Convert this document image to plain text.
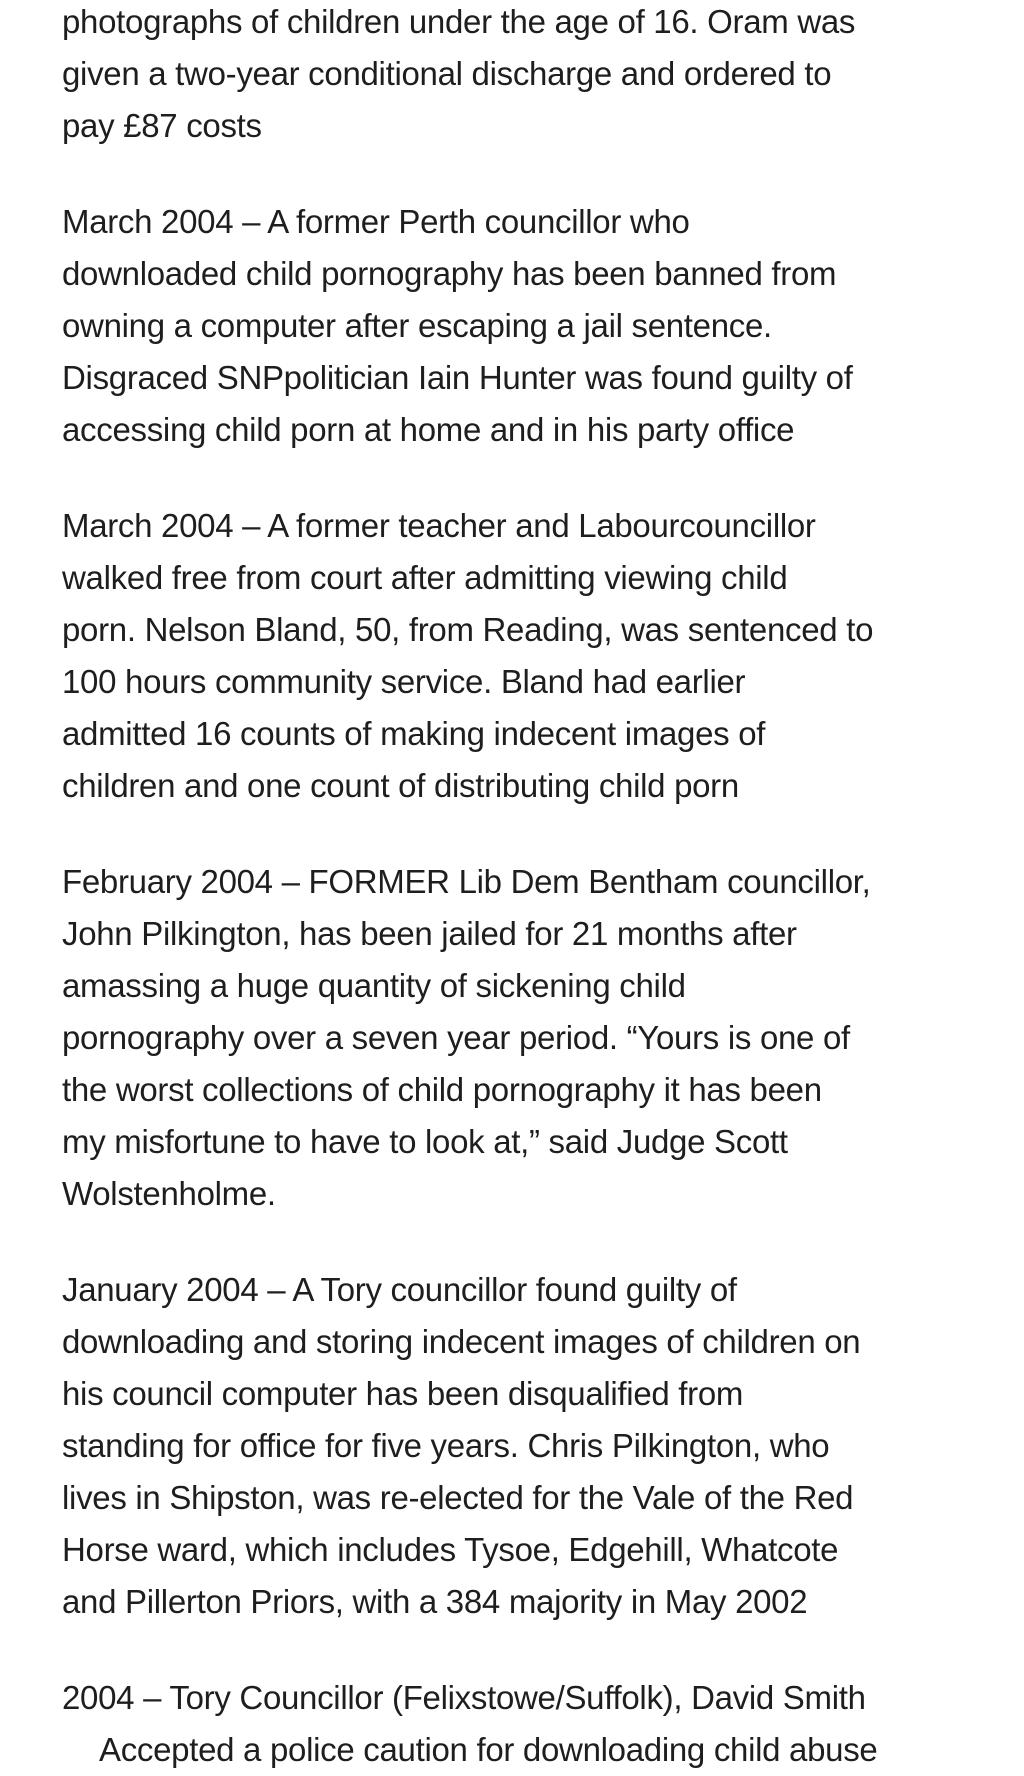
photographs of children under the age of 16. Oram was
given a two-year conditional discharge and ordered to
pay £87 costs
March 2004 – A former Perth councillor who
downloaded child pornography has been banned from
owning a computer after escaping a jail sentence.
Disgraced SNPpolitician Iain Hunter was found guilty of
accessing child porn at home and in his party office
March 2004 – A former teacher and Labourcouncillor
walked free from court after admitting viewing child
porn. Nelson Bland, 50, from Reading, was sentenced to
100 hours community service. Bland had earlier
admitted 16 counts of making indecent images of
children and one count of distributing child porn
February 2004 – FORMER Lib Dem Bentham councillor,
John Pilkington, has been jailed for 21 months after
amassing a huge quantity of sickening child
pornography over a seven year period. “Yours is one of
the worst collections of child pornography it has been
my misfortune to have to look at,” said Judge Scott
Wolstenholme.
January 2004 – A Tory councillor found guilty of
downloading and storing indecent images of children on
his council computer has been disqualified from
standing for office for five years. Chris Pilkington, who
lives in Shipston, was re-elected for the Vale of the Red
Horse ward, which includes Tysoe, Edgehill, Whatcote
and Pillerton Priors, with a 384 majority in May 2002
2004 – Tory Councillor (Felixstowe/Suffolk), David Smith
Accepted a police caution for downloading child abuse
